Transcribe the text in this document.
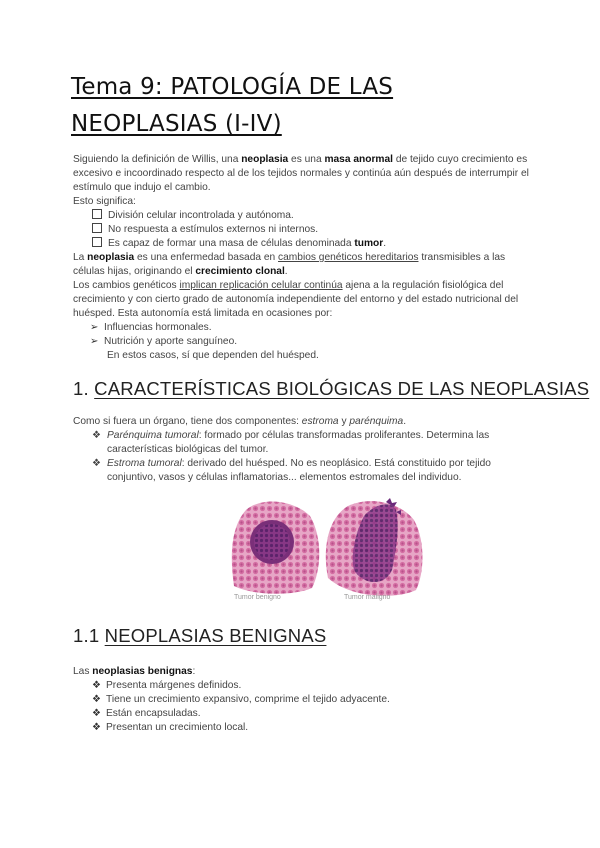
Tema 9: PATOLOGÍA DE LAS
NEOPLASIAS (I-IV)

Siguiendo la definición de Willis, una neoplasia es una masa anormal de tejido cuyo crecimiento es excesivo e incoordinado respecto al de los tejidos normales y continúa aún después de interrumpir el estímulo que indujo el cambio.

Esto significa:
División celular incontrolada y autónoma.
No respuesta a estímulos externos ni internos.
Es capaz de formar una masa de células denominada tumor.

La neoplasia es una enfermedad basada en cambios genéticos hereditarios transmisibles a las células hijas, originando el crecimiento clonal.

Los cambios genéticos implican replicación celular continúa ajena a la regulación fisiológica del crecimiento y con cierto grado de autonomía independiente del entorno y del estado nutricional del huésped. Esta autonomía está limitada en ocasiones por:

➢ Influencias hormonales.
➢ Nutrición y aporte sanguíneo.
En estos casos, sí que dependen del huésped.
1. CARACTERÍSTICAS BIOLÓGICAS DE LAS NEOPLASIAS
Como si fuera un órgano, tiene dos componentes: estroma y parénquima.
❖ Parénquima tumoral: formado por células transformadas proliferantes. Determina las características biológicas del tumor.

❖ Estroma tumoral: derivado del huésped. No es neoplásico. Está constituido por tejido conjuntivo, vasos y células inflamatorias... elementos estromales del individuo.

Tumor benigno	Tumor maligno
1.1 NEOPLASIAS BENIGNAS
Las neoplasias benignas:
❖ Presenta márgenes definidos.
❖ Tiene un crecimiento expansivo, comprime el tejido adyacente.
❖ Están encapsuladas.
❖ Presentan un crecimiento local.
